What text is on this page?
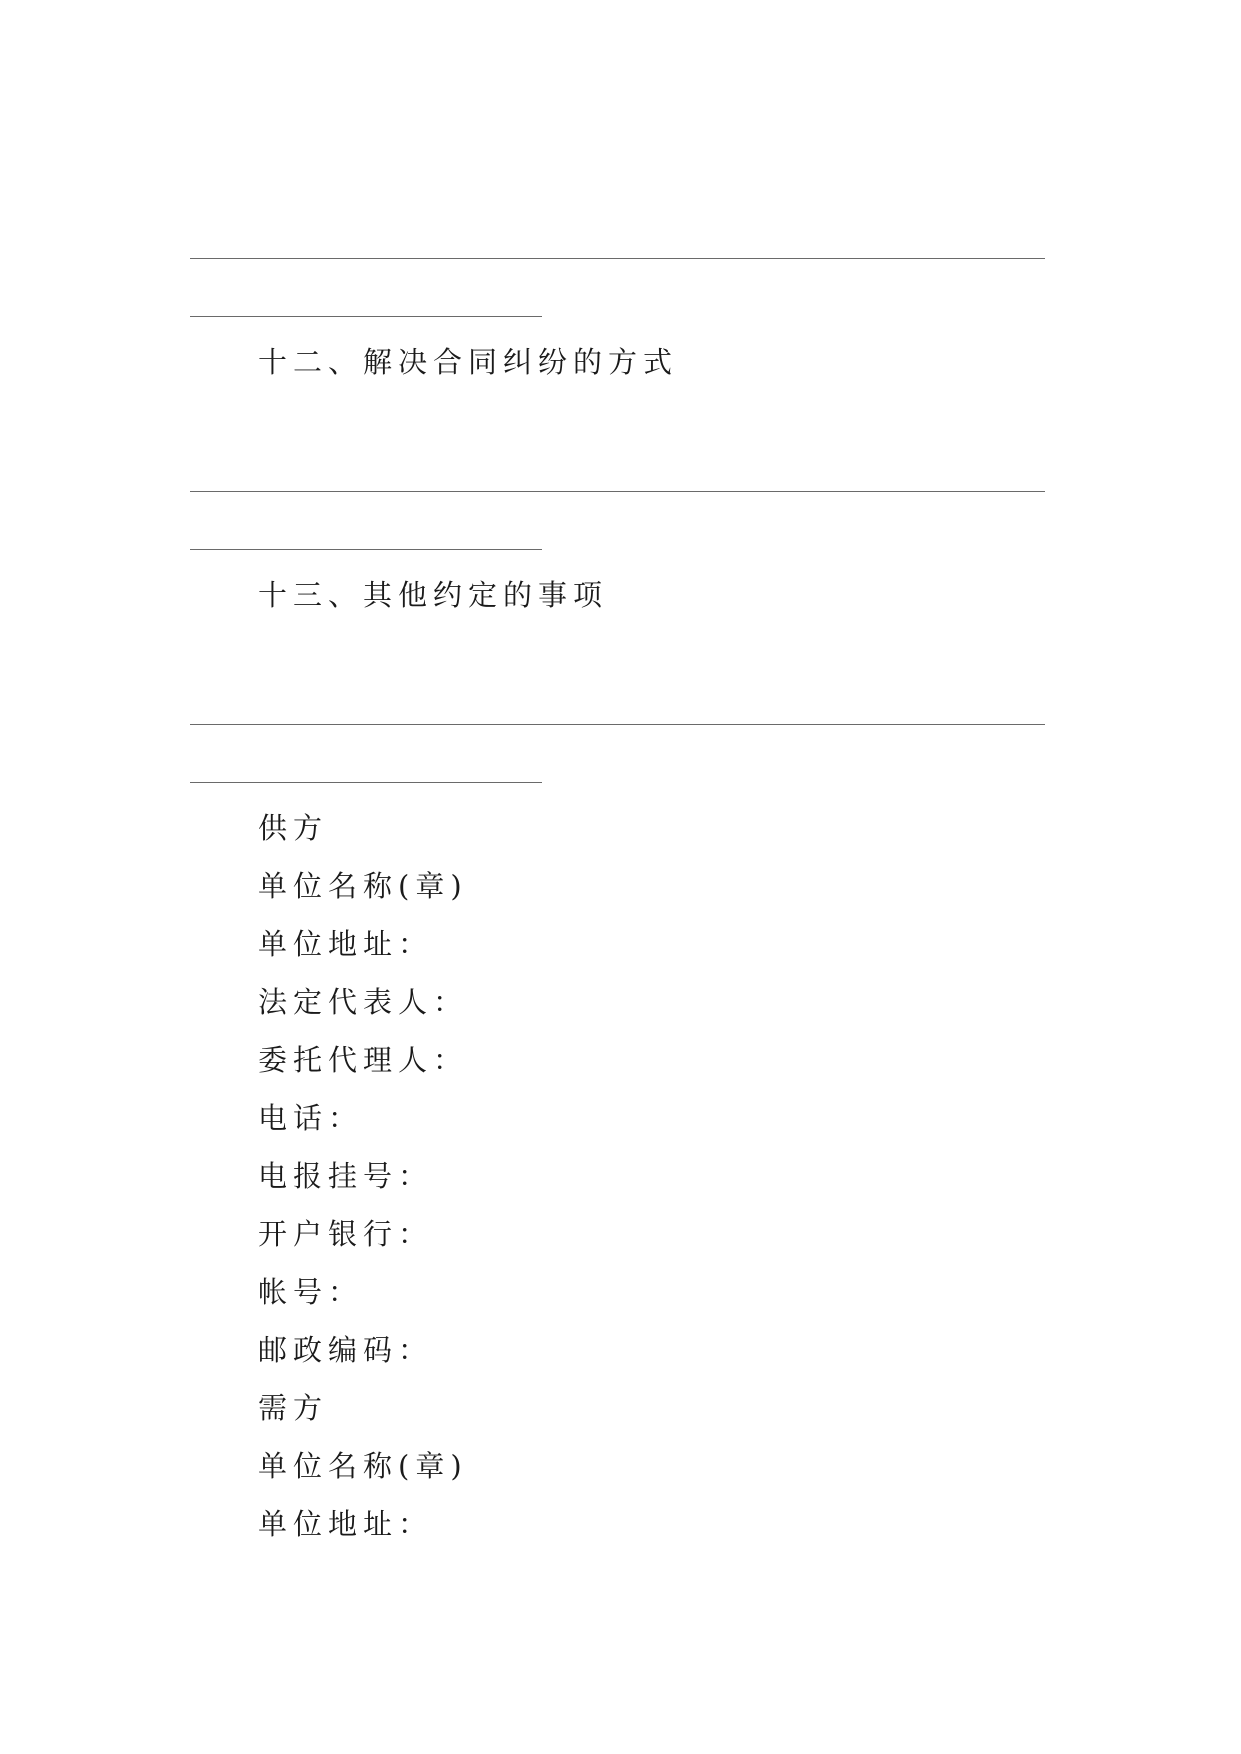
十二、解决合同纠纷的方式
十三、其他约定的事项
供方
单位名称(章)
单位地址：
法定代表人：
委托代理人：
电话：
电报挂号：
开户银行：
帐号：
邮政编码：
需方
单位名称(章)
单位地址：
